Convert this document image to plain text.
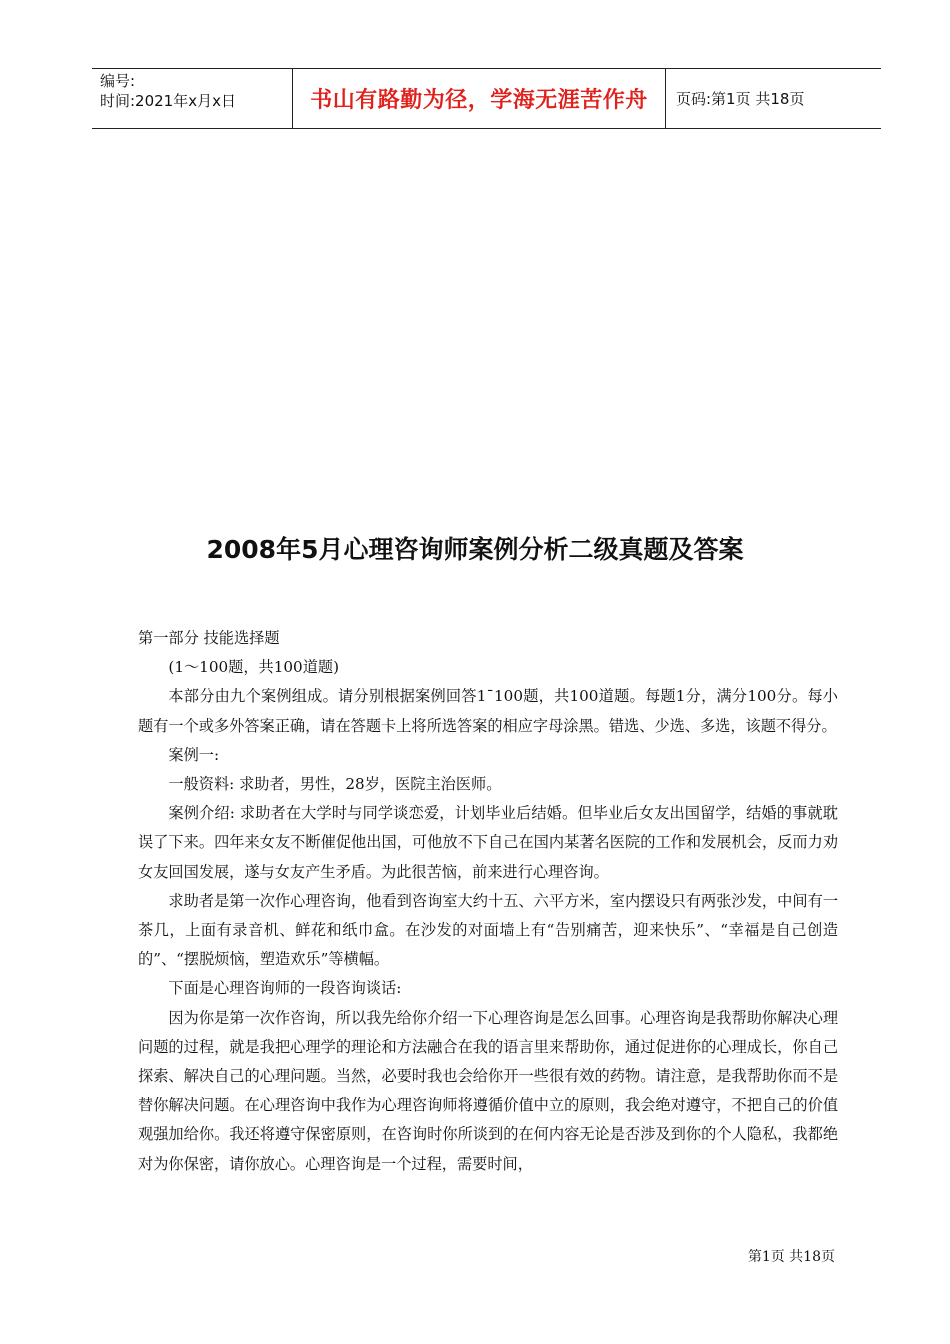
编号:
时间:2021年x月x日	书山有路勤为径，学海无涯苦作舟	页码:第1页 共18页
2008年5月心理咨询师案例分析二级真题及答案

第一部分 技能选择题

(1～100题，共100道题)

本部分由九个案例组成。请分别根据案例回答1¯100题，共100道题。每题1分，满分100分。每小题有一个或多外答案正确，请在答题卡上将所选答案的相应字母涂黑。错选、少选、多选，该题不得分。

案例一:

一般资料: 求助者，男性，28岁，医院主治医师。

案例介绍: 求助者在大学时与同学谈恋爱，计划毕业后结婚。但毕业后女友出国留学，结婚的事就耽误了下来。四年来女友不断催促他出国，可他放不下自己在国内某著名医院的工作和发展机会，反而力劝女友回国发展，遂与女友产生矛盾。为此很苦恼，前来进行心理咨询。

求助者是第一次作心理咨询，他看到咨询室大约十五、六平方米，室内摆设只有两张沙发，中间有一茶几，上面有录音机、鲜花和纸巾盒。在沙发的对面墙上有“告别痛苦，迎来快乐”、“幸福是自己创造的”、“摆脱烦恼，塑造欢乐”等横幅。

下面是心理咨询师的一段咨询谈话:

因为你是第一次作咨询，所以我先给你介绍一下心理咨询是怎么回事。心理咨询是我帮助你解决心理问题的过程，就是我把心理学的理论和方法融合在我的语言里来帮助你，通过促进你的心理成长，你自己探索、解决自己的心理问题。当然，必要时我也会给你开一些很有效的药物。请注意，是我帮助你而不是替你解决问题。在心理咨询中我作为心理咨询师将遵循价值中立的原则，我会绝对遵守，不把自己的价值观强加给你。我还将遵守保密原则，在咨询时你所谈到的在何内容无论是否涉及到你的个人隐私，我都绝对为你保密，请你放心。心理咨询是一个过程，需要时间，

第1页 共18页
